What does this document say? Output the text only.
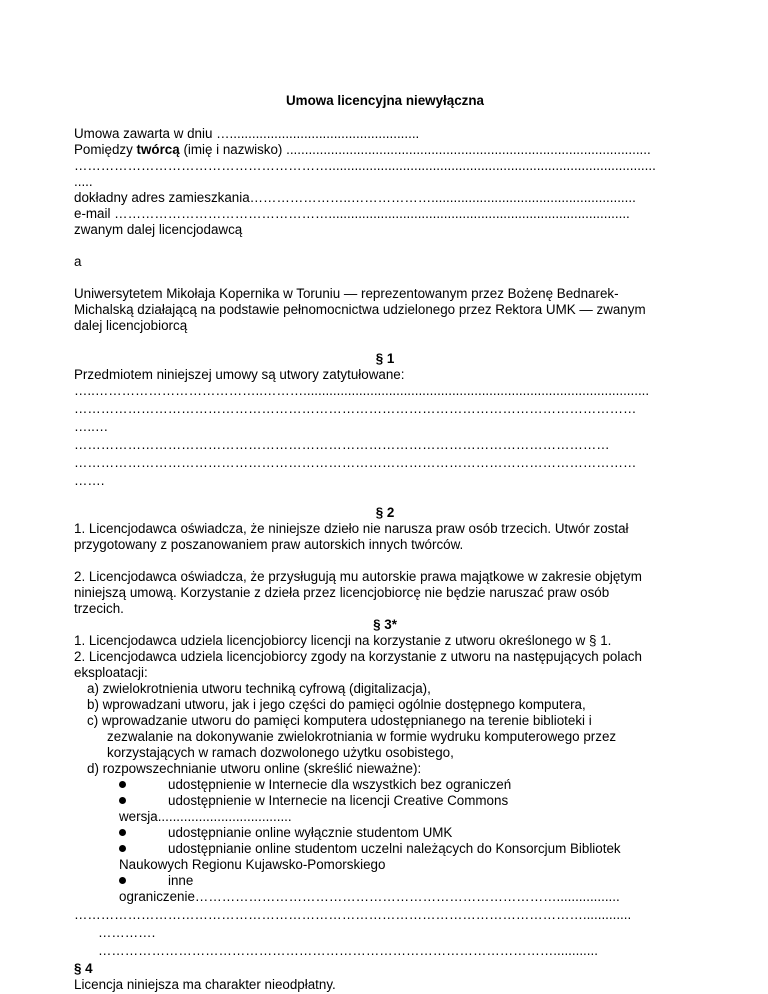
Umowa licencyjna niewyłączna
Umowa zawarta w dniu …...................................................
Pomiędzy twórcą (imię i nazwisko) ..................................................................................................
…………………………………………………........................................................................................
.....
dokładny adres zamieszkania…………………..……………….......................................................
e-mail ………………………………………….................................................................................
zwanym dalej licencjodawcą
a
Uniwersytetem Mikołaja Kopernika w Toruniu — reprezentowanym przez Bożenę Bednarek-
Michalską działającą na podstawie pełnomocnictwa udzielonego przez Rektora UMK — zwanym
dalej licencjobiorcą
§ 1
Przedmiotem niniejszej umowy są utwory zatytułowane:
…..………………………………..……….............................................................................................
………………………………………………………………………………………………………………
…..…
…………………………………………………………………………………………………………
………………………………………………………………………………………………………………
…….
§ 2
1. Licencjodawca oświadcza, że niniejsze dzieło nie narusza praw osób trzecich. Utwór został
przygotowany z poszanowaniem praw autorskich innych twórców.
2. Licencjodawca oświadcza, że przysługują mu autorskie prawa majątkowe w zakresie objętym
niniejszą umową. Korzystanie z dzieła przez licencjobiorcę nie będzie naruszać praw osób
trzecich.
§ 3*
1. Licencjodawca udziela licencjobiorcy licencji na korzystanie z utworu określonego w § 1.
2. Licencjodawca udziela licencjobiorcy zgody na korzystanie z utworu na następujących polach
eksploatacji:
a) zwielokrotnienia utworu techniką cyfrową (digitalizacja),
b) wprowadzani utworu, jak i jego części do pamięci ogólnie dostępnego komputera,
c) wprowadzanie utworu do pamięci komputera udostępnianego na terenie biblioteki i
zezwalanie na dokonywanie zwielokrotniania w formie wydruku komputerowego przez
korzystających w ramach dozwolonego użytku osobistego,
d) rozpowszechnianie utworu online (skreślić nieważne):
udostępnienie w Internecie dla wszystkich bez ograniczeń
udostępnienie w Internecie na licencji Creative Commons
wersja....................................
udostępnianie online wyłącznie studentom UMK
udostępnianie online studentom uczelni należących do Konsorcjum Bibliotek
Naukowych Regionu Kujawsko-Pomorskiego
inne
ograniczenie……………………………………………………………………….................
…………………………………………………………………………………………………….............
………….
…………………………………………………………………………………………............
§ 4
Licencja niniejsza ma charakter nieodpłatny.
